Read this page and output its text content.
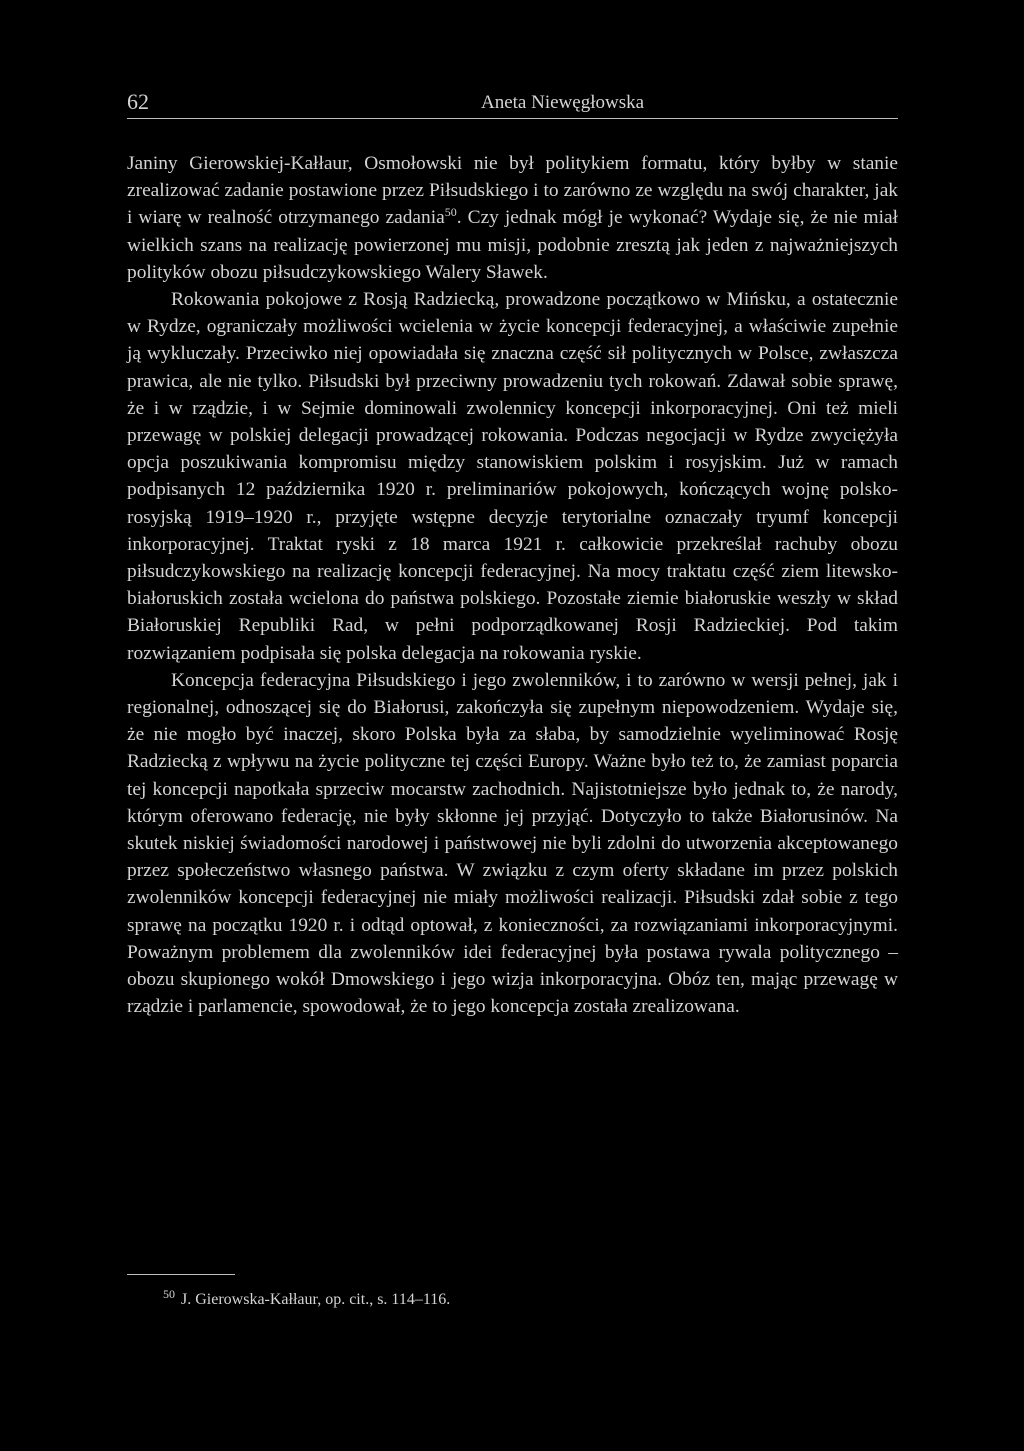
62	Aneta Niewęgłowska

Janiny Gierowskiej-Kałłaur, Osmołowski nie był politykiem formatu, który byłby w stanie zrealizować zadanie postawione przez Piłsudskiego i to zarówno ze względu na swój charakter, jak i wiarę w realność otrzymanego zadania$^{50}$. Czy jednak mógł je wykonać? Wydaje się, że nie miał wielkich szans na realizację powierzonej mu misji, podobnie zresztą jak jeden z najważniejszych polityków obozu piłsudczykowskiego Walery Sławek.

Rokowania pokojowe z Rosją Radziecką, prowadzone początkowo w Mińsku, a ostatecznie w Rydze, ograniczały możliwości wcielenia w życie koncepcji federacyjnej, a właściwie zupełnie ją wykluczały. Przeciwko niej opowiadała się znaczna część sił politycznych w Polsce, zwłaszcza prawica, ale nie tylko. Piłsudski był przeciwny prowadzeniu tych rokowań. Zdawał sobie sprawę, że i w rządzie, i w Sejmie dominowali zwolennicy koncepcji inkorporacyjnej. Oni też mieli przewagę w polskiej delegacji prowadzącej rokowania. Podczas negocjacji w Rydze zwyciężyła opcja poszukiwania kompromisu między stanowiskiem polskim i rosyjskim. Już w ramach podpisanych 12 października 1920 r. preliminariów pokojowych, kończących wojnę polsko-rosyjską 1919–1920 r., przyjęte wstępne decyzje terytorialne oznaczały tryumf koncepcji inkorporacyjnej. Traktat ryski z 18 marca 1921 r. całkowicie przekreślał rachuby obozu piłsudczykowskiego na realizację koncepcji federacyjnej. Na mocy traktatu część ziem litewsko-białoruskich została wcielona do państwa polskiego. Pozostałe ziemie białoruskie weszły w skład Białoruskiej Republiki Rad, w pełni podporządkowanej Rosji Radzieckiej. Pod takim rozwiązaniem podpisała się polska delegacja na rokowania ryskie.

Koncepcja federacyjna Piłsudskiego i jego zwolenników, i to zarówno w wersji pełnej, jak i regionalnej, odnoszącej się do Białorusi, zakończyła się zupełnym niepowodzeniem. Wydaje się, że nie mogło być inaczej, skoro Polska była za słaba, by samodzielnie wyeliminować Rosję Radziecką z wpływu na życie polityczne tej części Europy. Ważne było też to, że zamiast poparcia tej koncepcji napotkała sprzeciw mocarstw zachodnich. Najistotniejsze było jednak to, że narody, którym oferowano federację, nie były skłonne jej przyjąć. Dotyczyło to także Białorusinów. Na skutek niskiej świadomości narodowej i państwowej nie byli zdolni do utworzenia akceptowanego przez społeczeństwo własnego państwa. W związku z czym oferty składane im przez polskich zwolenników koncepcji federacyjnej nie miały możliwości realizacji. Piłsudski zdał sobie z tego sprawę na początku 1920 r. i odtąd optował, z konieczności, za rozwiązaniami inkorporacyjnymi. Poważnym problemem dla zwolenników idei federacyjnej była postawa rywala politycznego – obozu skupionego wokół Dmowskiego i jego wizja inkorporacyjna. Obóz ten, mając przewagę w rządzie i parlamencie, spowodował, że to jego koncepcja została zrealizowana.

$^{50}$ J. Gierowska-Kałłaur, op. cit., s. 114–116.
